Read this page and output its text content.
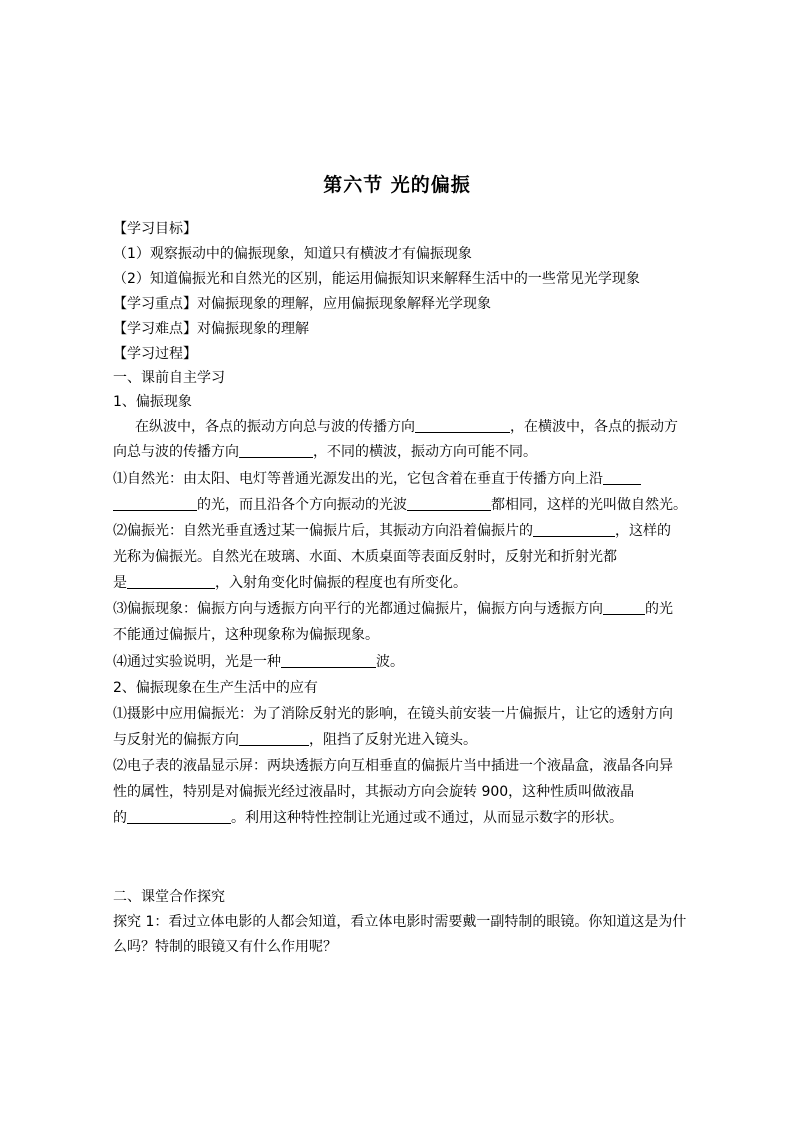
第六节 光的偏振
【学习目标】
（1）观察振动中的偏振现象，知道只有横波才有偏振现象
（2）知道偏振光和自然光的区别，能运用偏振知识来解释生活中的一些常见光学现象
【学习重点】对偏振现象的理解，应用偏振现象解释光学现象
【学习难点】对偏振现象的理解
【学习过程】
一、课前自主学习
1、偏振现象
在纵波中，各点的振动方向总与波的传播方向	，在横波中，各点的振动方
向总与波的传播方向	，不同的横波，振动方向可能不同。
⑴自然光：由太阳、电灯等普通光源发出的光，它包含着在垂直于传播方向上沿
的光，而且沿各个方向振动的光波	都相同，这样的光叫做自然光。
⑵偏振光：自然光垂直透过某一偏振片后，其振动方向沿着偏振片的	，这样的
光称为偏振光。自然光在玻璃、水面、木质桌面等表面反射时，反射光和折射光都
是	，入射角变化时偏振的程度也有所变化。
⑶偏振现象：偏振方向与透振方向平行的光都通过偏振片，偏振方向与透振方向	的光
不能通过偏振片，这种现象称为偏振现象。
⑷通过实验说明，光是一种	波。
2、偏振现象在生产生活中的应有
⑴摄影中应用偏振光：为了消除反射光的影响，在镜头前安装一片偏振片，让它的透射方向
与反射光的偏振方向	，阻挡了反射光进入镜头。
⑵电子表的液晶显示屏：两块透振方向互相垂直的偏振片当中插进一个液晶盒，液晶各向异
性的属性，特别是对偏振光经过液晶时，其振动方向会旋转 900，这种性质叫做液晶
的	。利用这种特性控制让光通过或不通过，从而显示数字的形状。
二、课堂合作探究
探究 1：看过立体电影的人都会知道，看立体电影时需要戴一副特制的眼镜。你知道这是为什
么吗？特制的眼镜又有什么作用呢？
